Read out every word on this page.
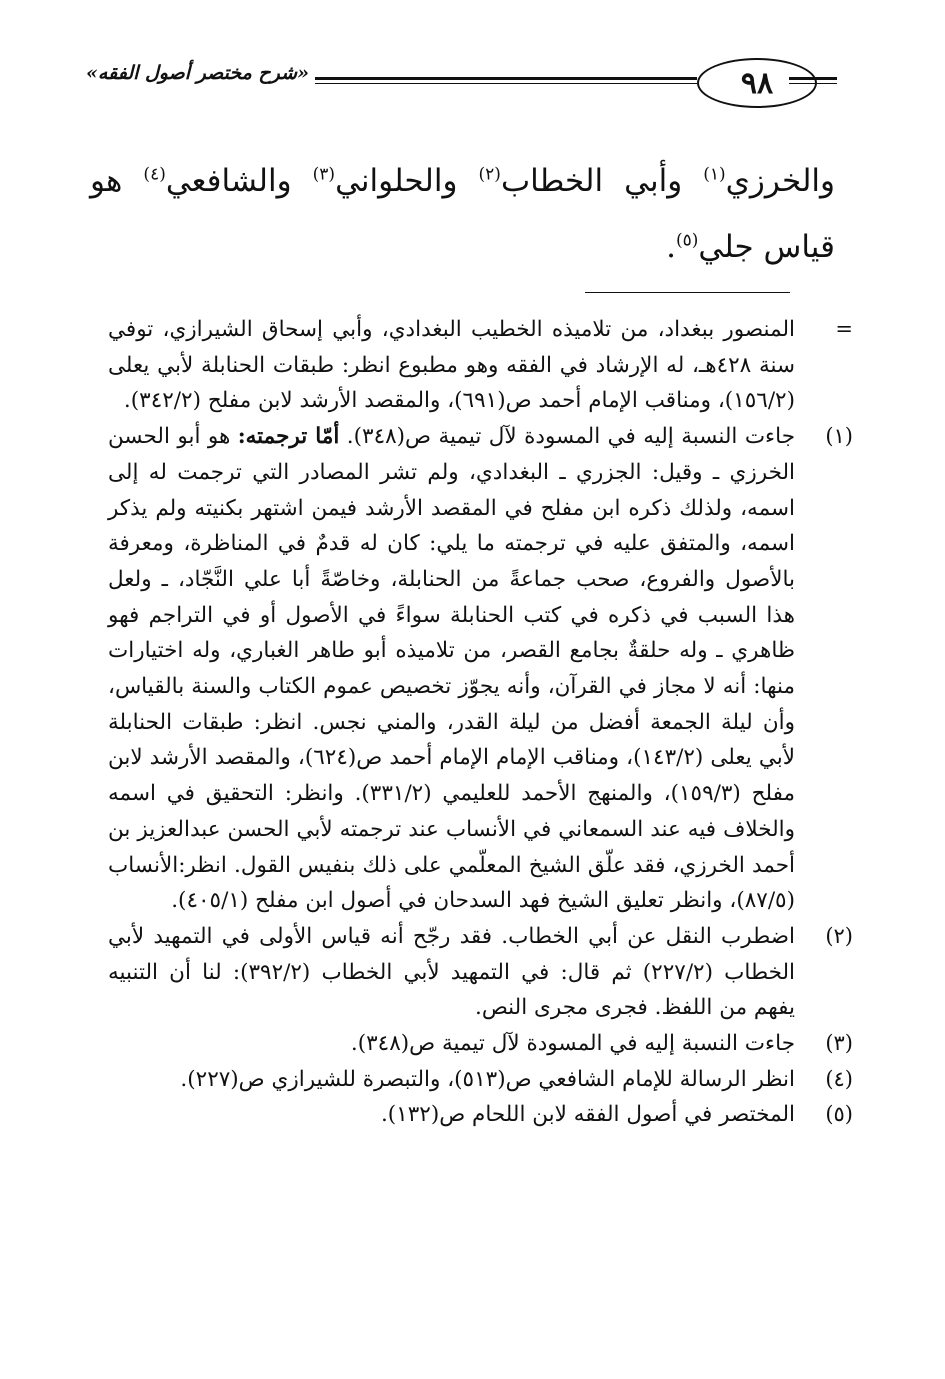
٩٨
«شرح مختصر أصول الفقه»

والخرزي$^{(١)}$ وأبي الخطاب$^{(٢)}$ والحلواني$^{(٣)}$ والشافعي$^{(٤)}$ هو قياس جلي$^{(٥)}$.

=
المنصور ببغداد، من تلاميذه الخطيب البغدادي، وأبي إسحاق الشيرازي، توفي سنة ٤٢٨هـ، له الإرشاد في الفقه وهو مطبوع انظر: طبقات الحنابلة لأبي يعلى (١٥٦/٢)، ومناقب الإمام أحمد ص(٦٩١)، والمقصد الأرشد لابن مفلح (٣٤٢/٢).
(١)
جاءت النسبة إليه في المسودة لآل تيمية ص(٣٤٨). أمّا ترجمته: هو أبو الحسن الخرزي ـ وقيل: الجزري ـ البغدادي، ولم تشر المصادر التي ترجمت له إلى اسمه، ولذلك ذكره ابن مفلح في المقصد الأرشد فيمن اشتهر بكنيته ولم يذكر اسمه، والمتفق عليه في ترجمته ما يلي: كان له قدمٌ في المناظرة، ومعرفة بالأصول والفروع، صحب جماعةً من الحنابلة، وخاصّةً أبا علي النَّجّاد، ـ ولعل هذا السبب في ذكره في كتب الحنابلة سواءً في الأصول أو في التراجم فهو ظاهري ـ وله حلقةٌ بجامع القصر، من تلاميذه أبو طاهر الغباري، وله اختيارات منها: أنه لا مجاز في القرآن، وأنه يجوّز تخصيص عموم الكتاب والسنة بالقياس، وأن ليلة الجمعة أفضل من ليلة القدر، والمني نجس. انظر: طبقات الحنابلة لأبي يعلى (١٤٣/٢)، ومناقب الإمام الإمام أحمد ص(٦٢٤)، والمقصد الأرشد لابن مفلح (١٥٩/٣)، والمنهج الأحمد للعليمي (٣٣١/٢). وانظر: التحقيق في اسمه والخلاف فيه عند السمعاني في الأنساب عند ترجمته لأبي الحسن عبدالعزيز بن أحمد الخرزي، فقد علّق الشيخ المعلّمي على ذلك بنفيس القول. انظر:الأنساب (٨٧/٥)، وانظر تعليق الشيخ فهد السدحان في أصول ابن مفلح (٤٠٥/١).
(٢)
اضطرب النقل عن أبي الخطاب. فقد رجّح أنه قياس الأولى في التمهيد لأبي الخطاب (٢٢٧/٢) ثم قال: في التمهيد لأبي الخطاب (٣٩٢/٢): لنا أن التنبيه يفهم من اللفظ. فجرى مجرى النص.
(٣)
جاءت النسبة إليه في المسودة لآل تيمية ص(٣٤٨).
(٤)
انظر الرسالة للإمام الشافعي ص(٥١٣)، والتبصرة للشيرازي ص(٢٢٧).
(٥)
المختصر في أصول الفقه لابن اللحام ص(١٣٢).
